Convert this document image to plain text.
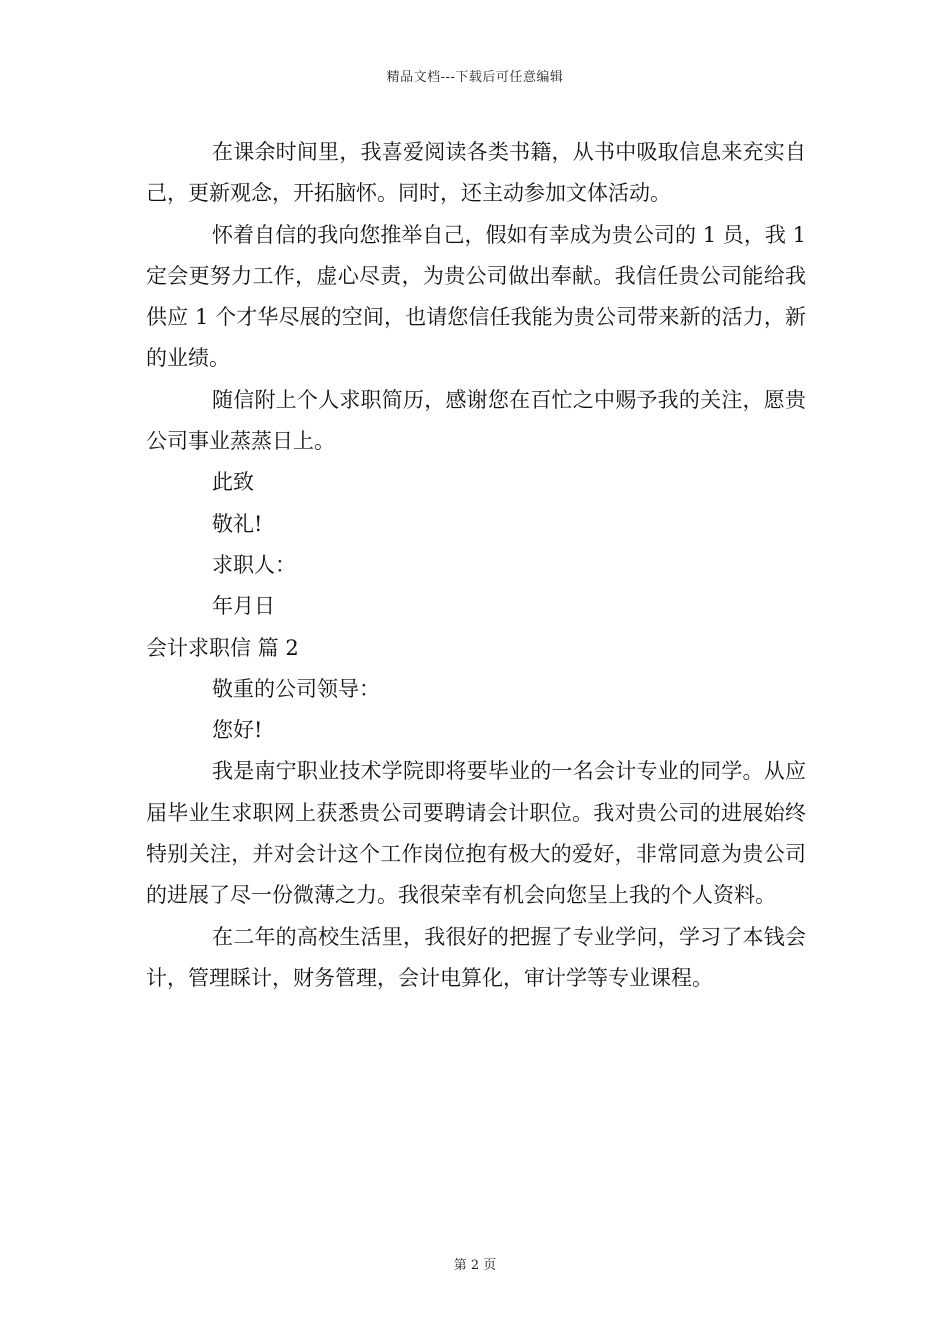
精品文档---下载后可任意编辑

在课余时间里，我喜爱阅读各类书籍，从书中吸取信息来充实自己，更新观念，开拓脑怀。同时，还主动参加文体活动。

怀着自信的我向您推举自己，假如有幸成为贵公司的 1 员，我 1 定会更努力工作，虚心尽责，为贵公司做出奉献。我信任贵公司能给我供应 1 个才华尽展的空间，也请您信任我能为贵公司带来新的活力，新的业绩。

随信附上个人求职简历，感谢您在百忙之中赐予我的关注，愿贵公司事业蒸蒸日上。

此致

敬礼!

求职人：

年月日

会计求职信 篇 2

敬重的公司领导：

您好!

我是南宁职业技术学院即将要毕业的一名会计专业的同学。从应届毕业生求职网上获悉贵公司要聘请会计职位。我对贵公司的进展始终特别关注，并对会计这个工作岗位抱有极大的爱好，非常同意为贵公司的进展了尽一份微薄之力。我很荣幸有机会向您呈上我的个人资料。

在二年的高校生活里，我很好的把握了专业学问，学习了本钱会计，管理睬计，财务管理，会计电算化，审计学等专业课程。

第 2 页
